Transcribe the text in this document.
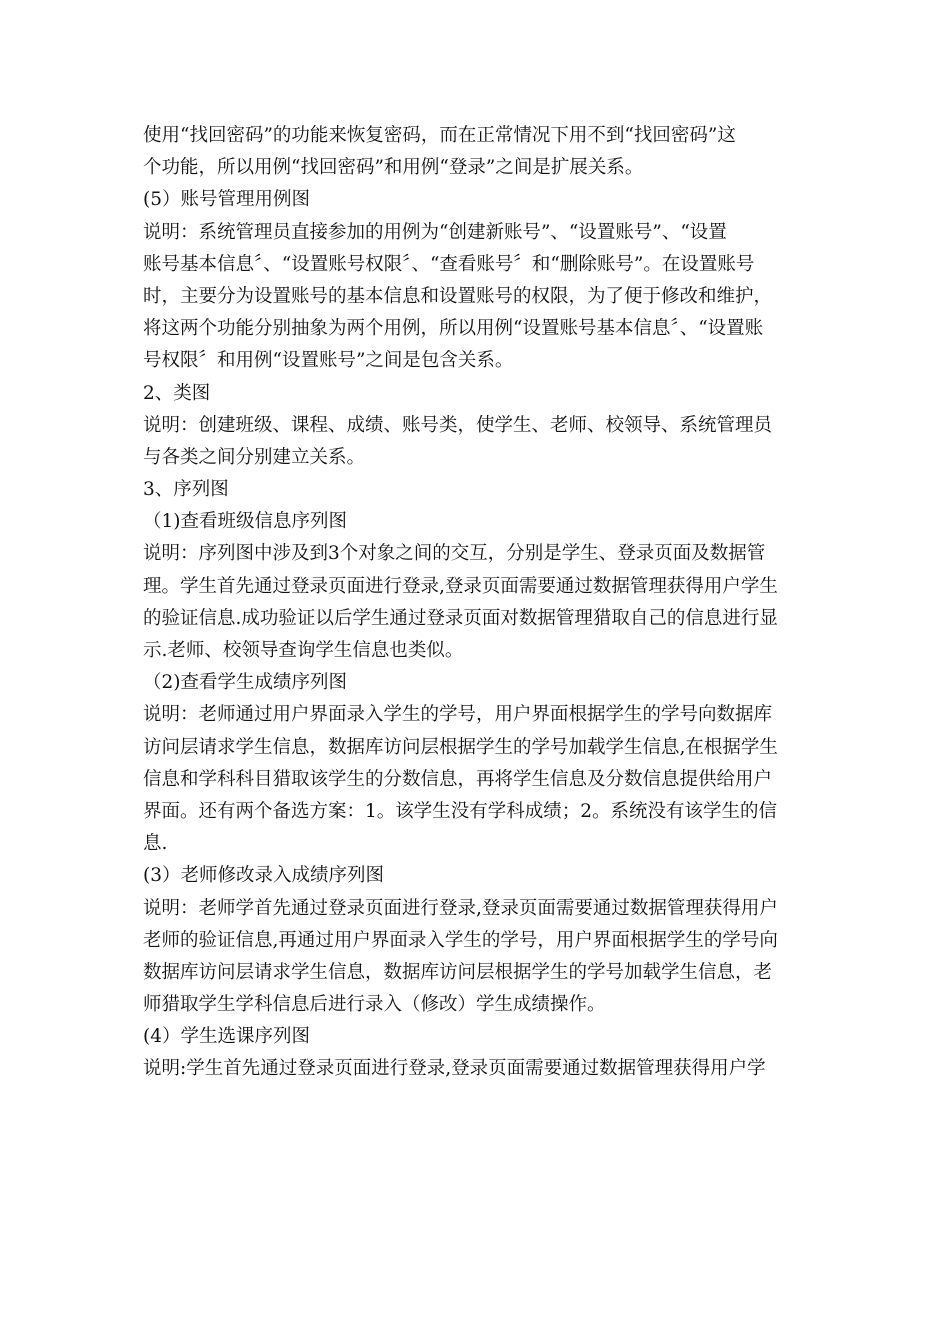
使用“找回密码”的功能来恢复密码，而在正常情况下用不到“找回密码”这
个功能，所以用例“找回密码”和用例“登录”之间是扩展关系。
(5）账号管理用例图
说明：系统管理员直接参加的用例为“创建新账号”、“设置账号”、“设置
账号基本信息〞、“设置账号权限〞、“查看账号〞和“删除账号”。在设置账号
时，主要分为设置账号的基本信息和设置账号的权限，为了便于修改和维护，
将这两个功能分别抽象为两个用例，所以用例“设置账号基本信息〞、“设置账
号权限〞和用例“设置账号”之间是包含关系。
2、类图
说明：创建班级、课程、成绩、账号类，使学生、老师、校领导、系统管理员
与各类之间分别建立关系。
3、序列图
（1)查看班级信息序列图
说明：序列图中涉及到3个对象之间的交互，分别是学生、登录页面及数据管
理。学生首先通过登录页面进行登录,登录页面需要通过数据管理获得用户学生
的验证信息.成功验证以后学生通过登录页面对数据管理猎取自己的信息进行显
示.老师、校领导查询学生信息也类似。
（2)查看学生成绩序列图
说明：老师通过用户界面录入学生的学号，用户界面根据学生的学号向数据库
访问层请求学生信息，数据库访问层根据学生的学号加载学生信息,在根据学生
信息和学科科目猎取该学生的分数信息，再将学生信息及分数信息提供给用户
界面。还有两个备选方案：1。该学生没有学科成绩；2。系统没有该学生的信
息.
(3）老师修改录入成绩序列图
说明：老师学首先通过登录页面进行登录,登录页面需要通过数据管理获得用户
老师的验证信息,再通过用户界面录入学生的学号，用户界面根据学生的学号向
数据库访问层请求学生信息，数据库访问层根据学生的学号加载学生信息，老
师猎取学生学科信息后进行录入（修改）学生成绩操作。
(4）学生选课序列图
说明:学生首先通过登录页面进行登录,登录页面需要通过数据管理获得用户学
